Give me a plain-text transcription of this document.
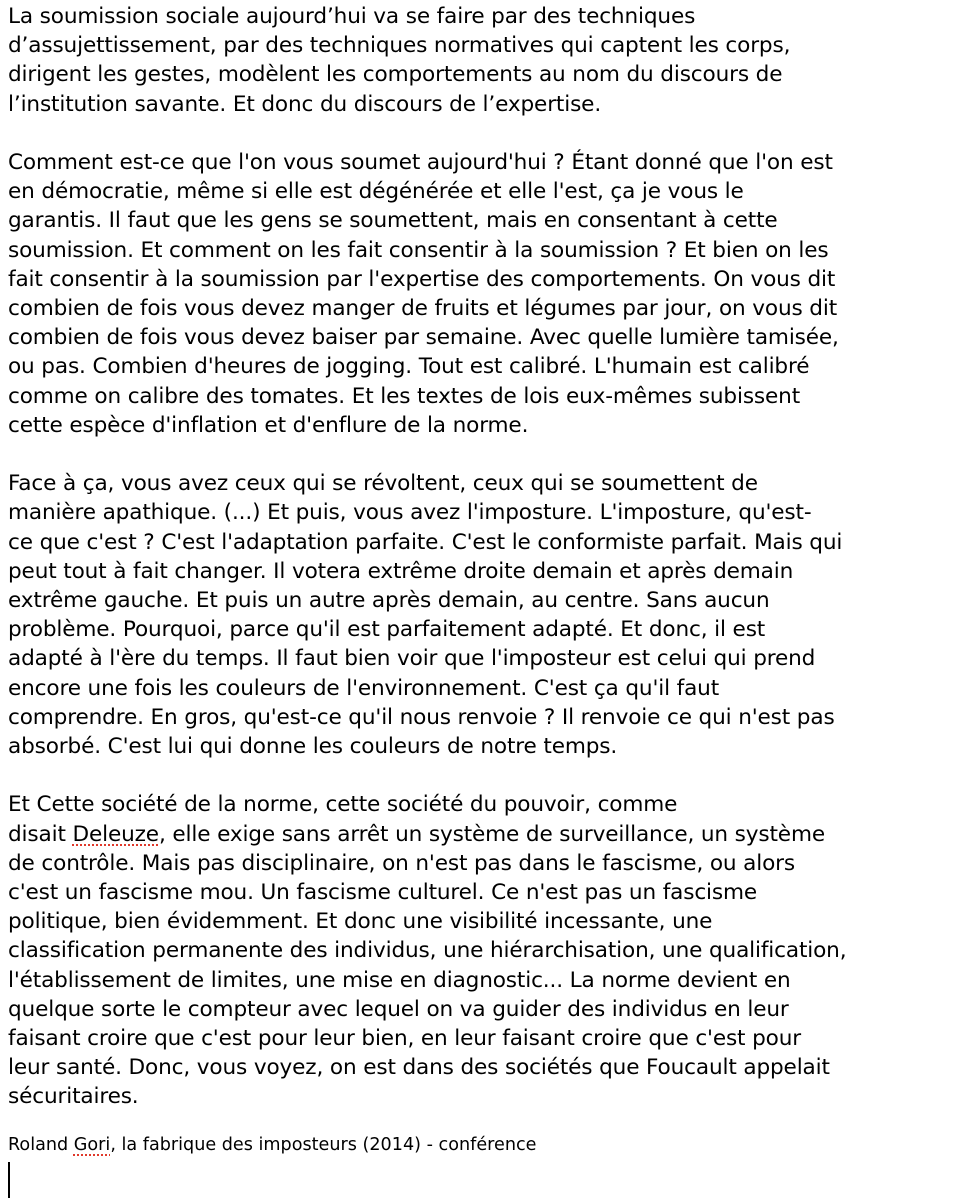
La soumission sociale aujourd’hui va se faire par des techniques
d’assujettissement, par des techniques normatives qui captent les corps,
dirigent les gestes, modèlent les comportements au nom du discours de
l’institution savante. Et donc du discours de l’expertise.

Comment est-ce que l'on vous soumet aujourd'hui ? Étant donné que l'on est
en démocratie, même si elle est dégénérée et elle l'est, ça je vous le
garantis. Il faut que les gens se soumettent, mais en consentant à cette
soumission. Et comment on les fait consentir à la soumission ? Et bien on les
fait consentir à la soumission par l'expertise des comportements. On vous dit
combien de fois vous devez manger de fruits et légumes par jour, on vous dit
combien de fois vous devez baiser par semaine. Avec quelle lumière tamisée,
ou pas. Combien d'heures de jogging. Tout est calibré. L'humain est calibré
comme on calibre des tomates. Et les textes de lois eux-mêmes subissent
cette espèce d'inflation et d'enflure de la norme.

Face à ça, vous avez ceux qui se révoltent, ceux qui se soumettent de
manière apathique. (...) Et puis, vous avez l'imposture. L'imposture, qu'est-
ce que c'est ? C'est l'adaptation parfaite. C'est le conformiste parfait. Mais qui
peut tout à fait changer. Il votera extrême droite demain et après demain
extrême gauche. Et puis un autre après demain, au centre. Sans aucun
problème. Pourquoi, parce qu'il est parfaitement adapté. Et donc, il est
adapté à l'ère du temps. Il faut bien voir que l'imposteur est celui qui prend
encore une fois les couleurs de l'environnement. C'est ça qu'il faut
comprendre. En gros, qu'est-ce qu'il nous renvoie ? Il renvoie ce qui n'est pas
absorbé. C'est lui qui donne les couleurs de notre temps.

Et Cette société de la norme, cette société du pouvoir, comme
disait Deleuze, elle exige sans arrêt un système de surveillance, un système
de contrôle. Mais pas disciplinaire, on n'est pas dans le fascisme, ou alors
c'est un fascisme mou. Un fascisme culturel. Ce n'est pas un fascisme
politique, bien évidemment. Et donc une visibilité incessante, une
classification permanente des individus, une hiérarchisation, une qualification,
l'établissement de limites, une mise en diagnostic... La norme devient en
quelque sorte le compteur avec lequel on va guider des individus en leur
faisant croire que c'est pour leur bien, en leur faisant croire que c'est pour
leur santé. Donc, vous voyez, on est dans des sociétés que Foucault appelait
sécuritaires.

Roland Gori, la fabrique des imposteurs (2014) - conférence
